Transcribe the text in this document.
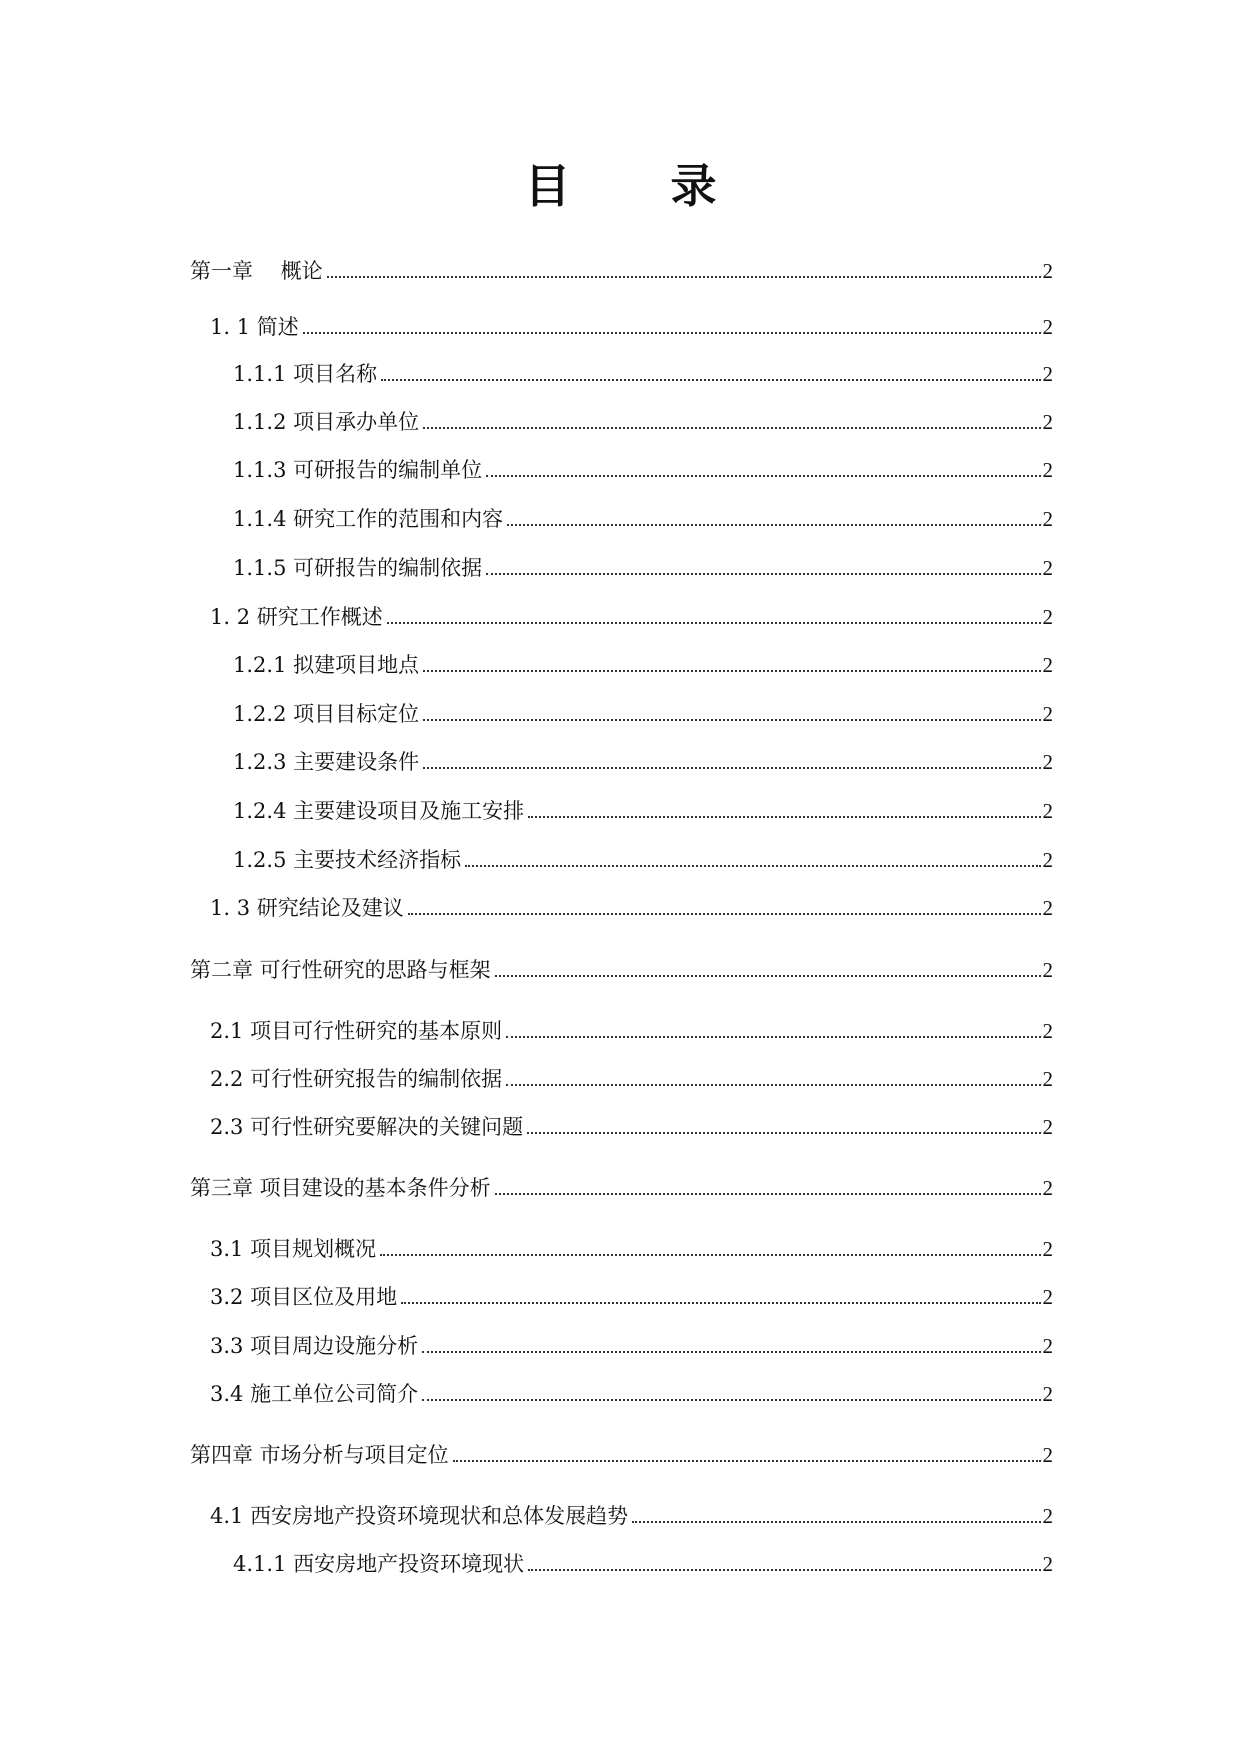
目 录
第一章　 概论	2
1. 1 简述	2
1.1.1 项目名称	2
1.1.2 项目承办单位	2
1.1.3 可研报告的编制单位	2
1.1.4 研究工作的范围和内容	2
1.1.5 可研报告的编制依据	2
1. 2 研究工作概述	2
1.2.1 拟建项目地点	2
1.2.2 项目目标定位	2
1.2.3 主要建设条件	2
1.2.4 主要建设项目及施工安排	2
1.2.5 主要技术经济指标	2
1. 3 研究结论及建议	2
第二章 可行性研究的思路与框架	2
2.1 项目可行性研究的基本原则	2
2.2 可行性研究报告的编制依据	2
2.3 可行性研究要解决的关键问题	2
第三章 项目建设的基本条件分析	2
3.1 项目规划概况	2
3.2 项目区位及用地	2
3.3 项目周边设施分析	2
3.4 施工单位公司简介	2
第四章 市场分析与项目定位	2
4.1 西安房地产投资环境现状和总体发展趋势	2
4.1.1 西安房地产投资环境现状	2
